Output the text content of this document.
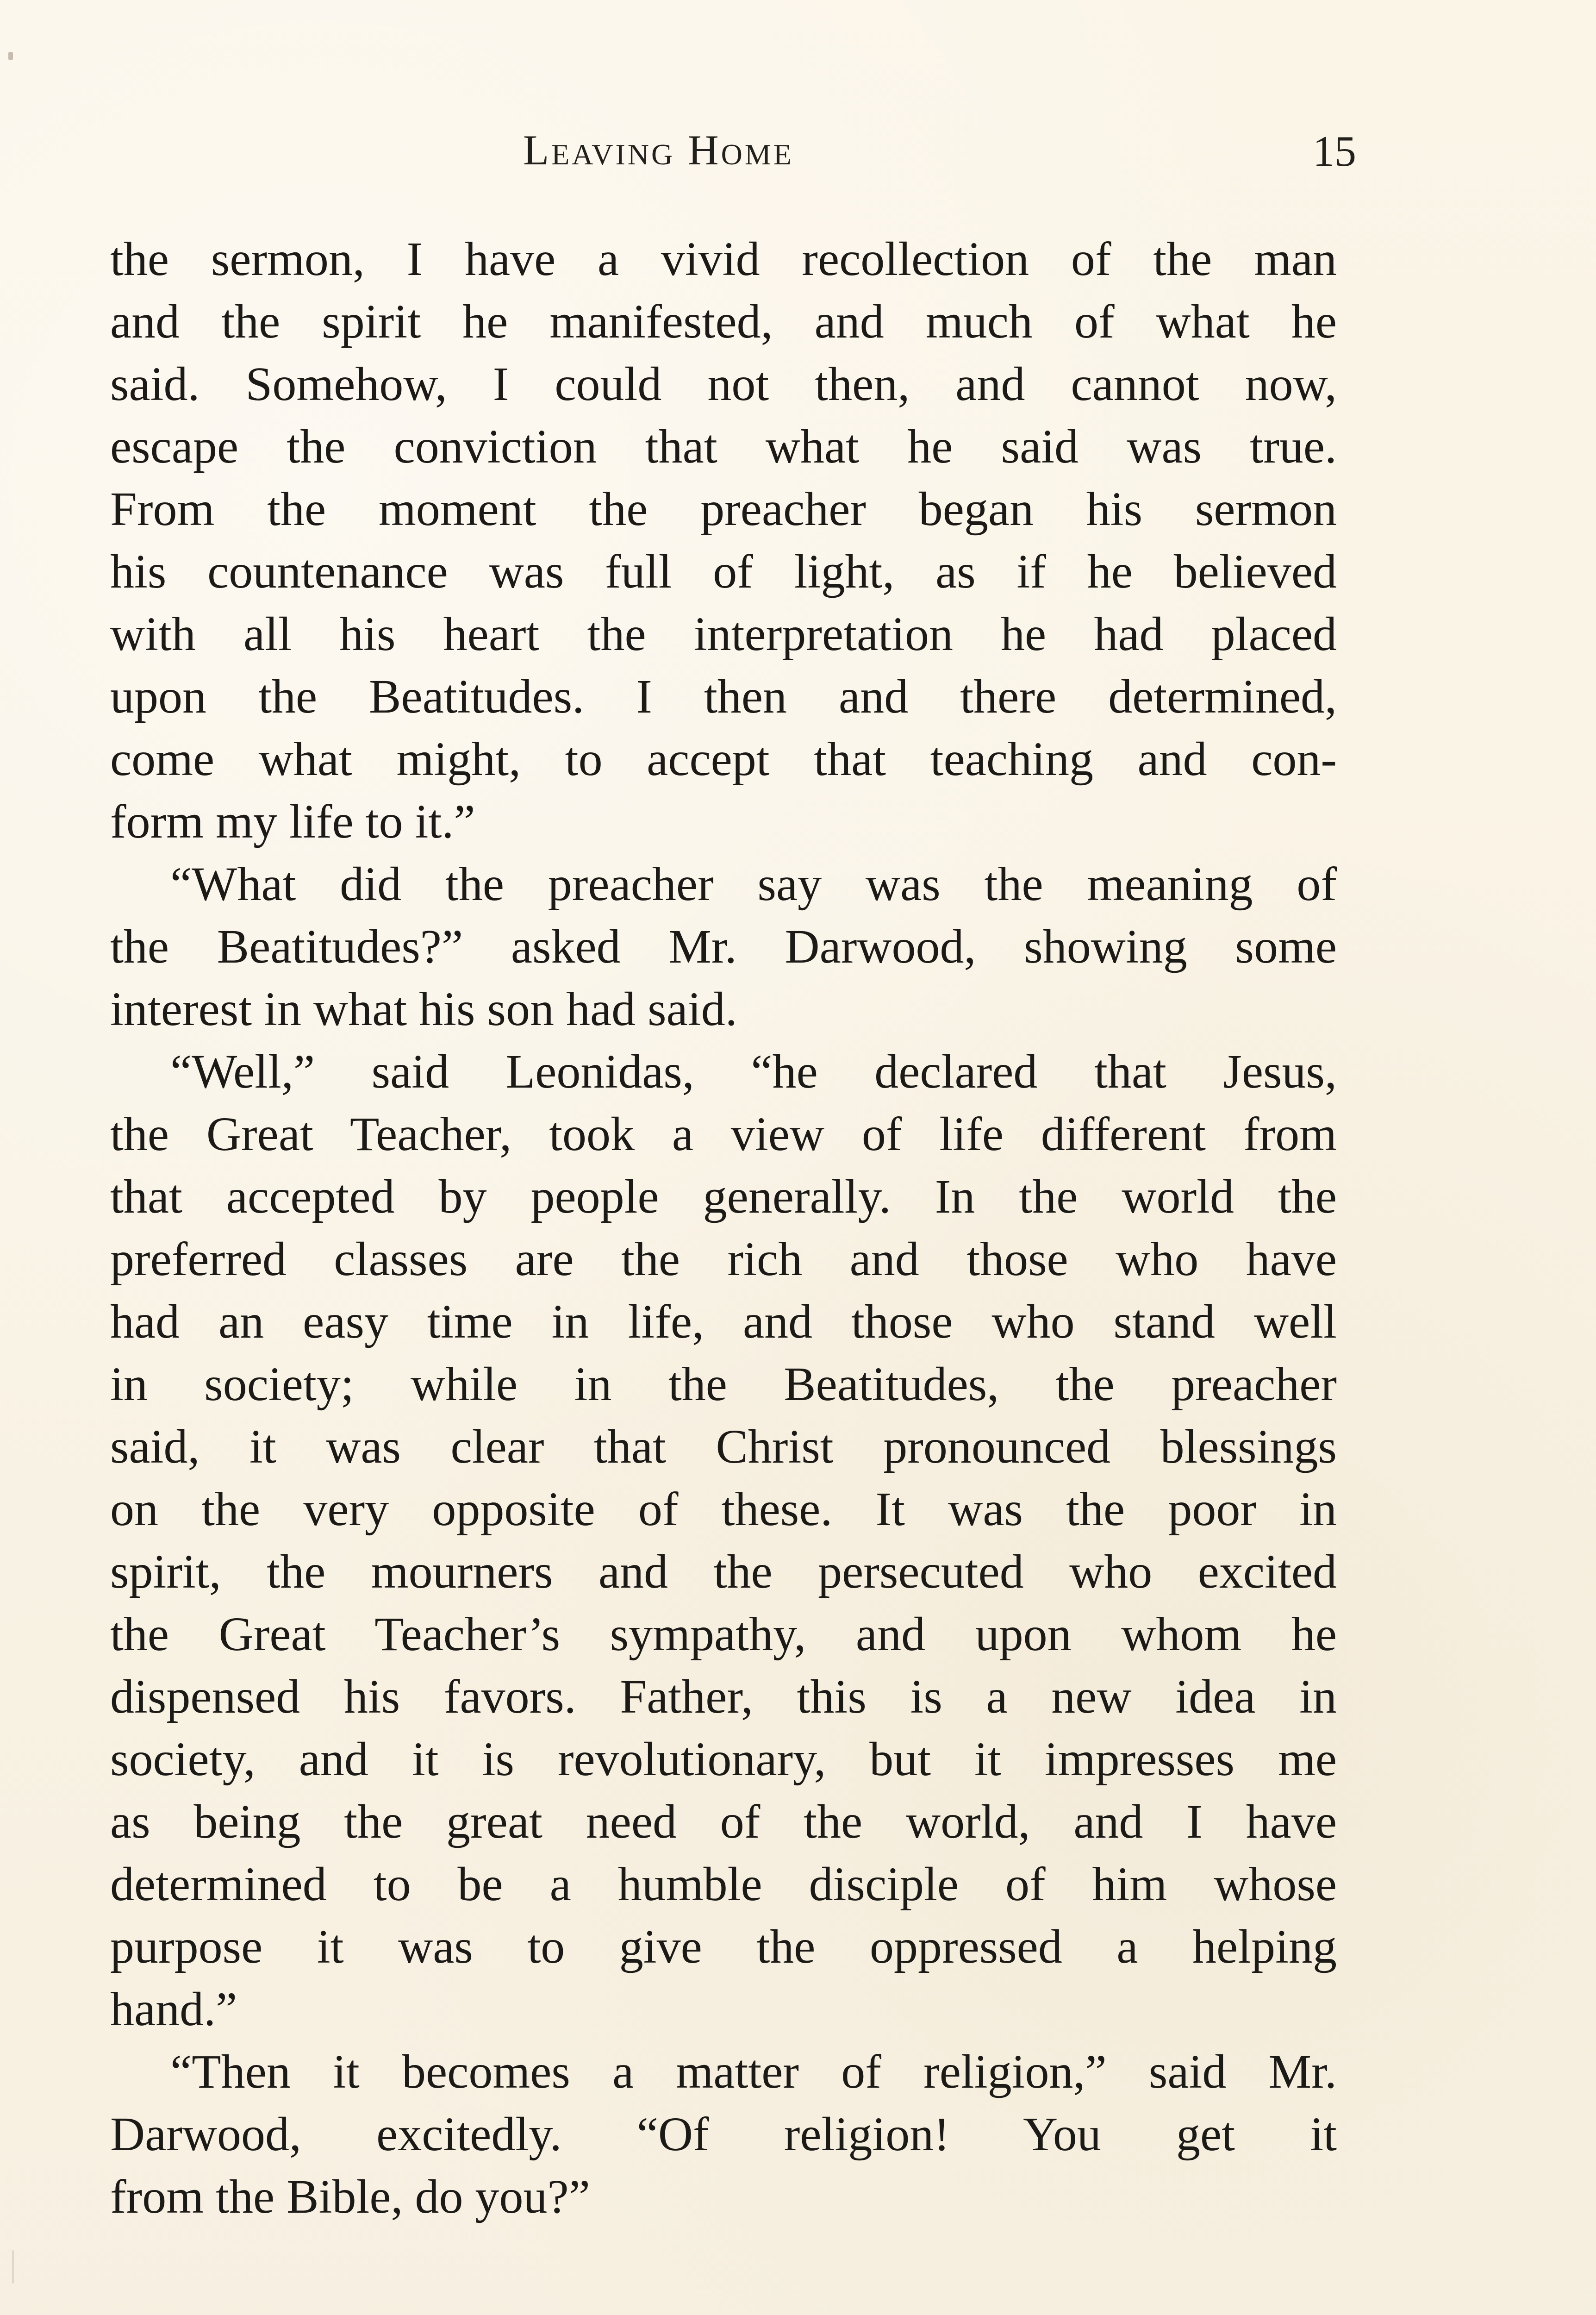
Leaving Home	15
the sermon, I have a vivid recollection of the man
and the spirit he manifested, and much of what he
said. Somehow, I could not then, and cannot now,
escape the conviction that what he said was true.
From the moment the preacher began his sermon
his countenance was full of light, as if he believed
with all his heart the interpretation he had placed
upon the Beatitudes. I then and there determined,
come what might, to accept that teaching and con-
form my life to it.”
“What did the preacher say was the meaning of
the Beatitudes?” asked Mr. Darwood, showing some
interest in what his son had said.
“Well,” said Leonidas, “he declared that Jesus,
the Great Teacher, took a view of life different from
that accepted by people generally. In the world the
preferred classes are the rich and those who have
had an easy time in life, and those who stand well
in society; while in the Beatitudes, the preacher
said, it was clear that Christ pronounced blessings
on the very opposite of these. It was the poor in
spirit, the mourners and the persecuted who excited
the Great Teacher’s sympathy, and upon whom he
dispensed his favors. Father, this is a new idea in
society, and it is revolutionary, but it impresses me
as being the great need of the world, and I have
determined to be a humble disciple of him whose
purpose it was to give the oppressed a helping
hand.”
“Then it becomes a matter of religion,” said Mr.
Darwood, excitedly. “Of religion! You get it
from the Bible, do you?”
